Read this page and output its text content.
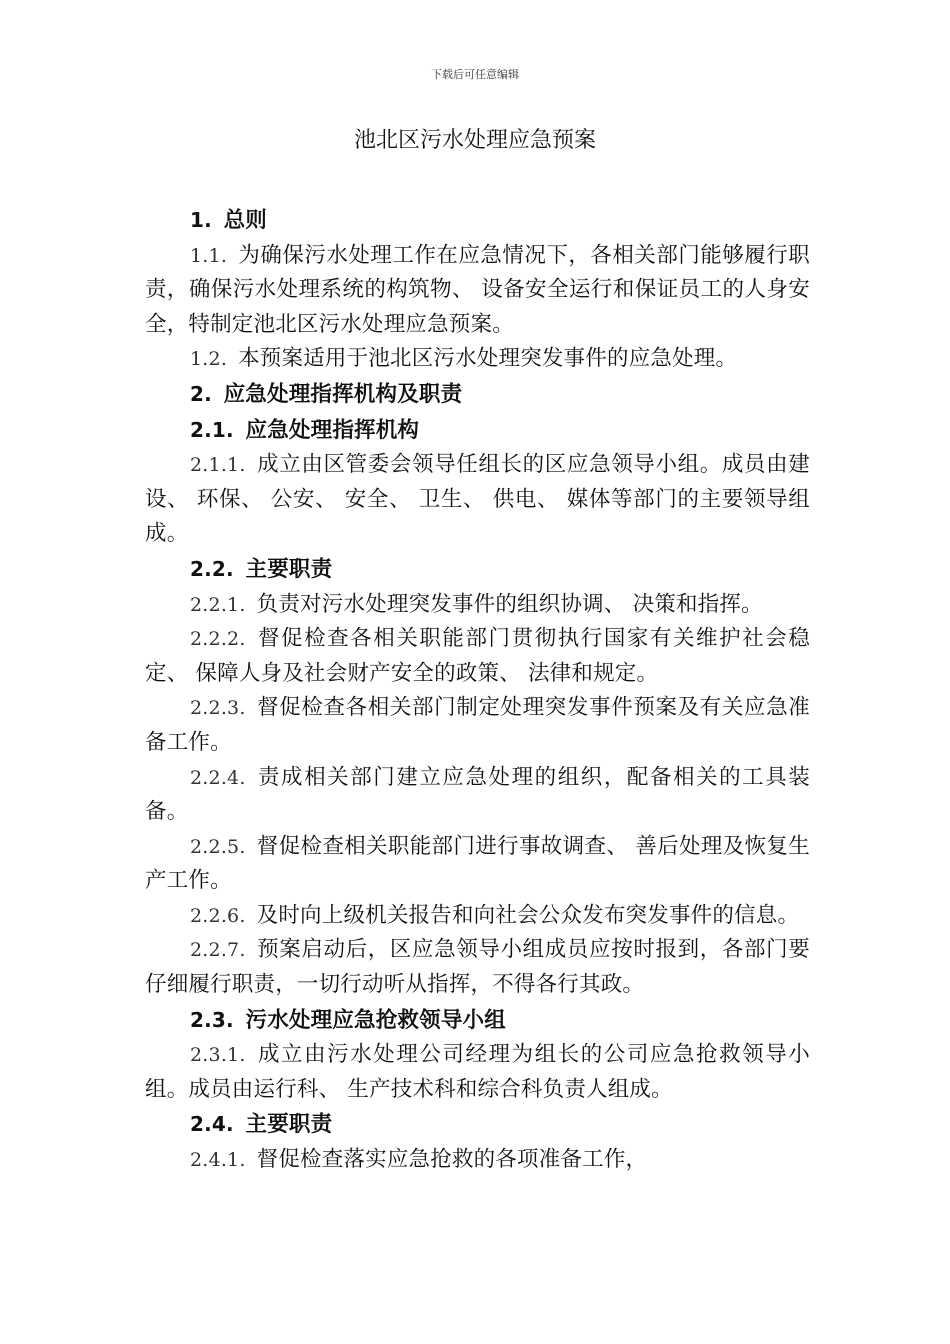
下载后可任意编辑
池北区污水处理应急预案

1. 总则

1.1. 为确保污水处理工作在应急情况下，各相关部门能够履行职责，确保污水处理系统的构筑物、 设备安全运行和保证员工的人身安全，特制定池北区污水处理应急预案。

1.2. 本预案适用于池北区污水处理突发事件的应急处理。

2. 应急处理指挥机构及职责

2.1. 应急处理指挥机构

2.1.1. 成立由区管委会领导任组长的区应急领导小组。成员由建设、 环保、 公安、 安全、 卫生、 供电、 媒体等部门的主要领导组成。

2.2. 主要职责

2.2.1. 负责对污水处理突发事件的组织协调、 决策和指挥。

2.2.2. 督促检查各相关职能部门贯彻执行国家有关维护社会稳定、 保障人身及社会财产安全的政策、 法律和规定。

2.2.3. 督促检查各相关部门制定处理突发事件预案及有关应急准备工作。

2.2.4. 责成相关部门建立应急处理的组织，配备相关的工具装备。

2.2.5. 督促检查相关职能部门进行事故调查、 善后处理及恢复生产工作。

2.2.6. 及时向上级机关报告和向社会公众发布突发事件的信息。

2.2.7. 预案启动后，区应急领导小组成员应按时报到，各部门要仔细履行职责，一切行动听从指挥，不得各行其政。

2.3. 污水处理应急抢救领导小组

2.3.1. 成立由污水处理公司经理为组长的公司应急抢救领导小组。成员由运行科、 生产技术科和综合科负责人组成。

2.4. 主要职责

2.4.1. 督促检查落实应急抢救的各项准备工作，
